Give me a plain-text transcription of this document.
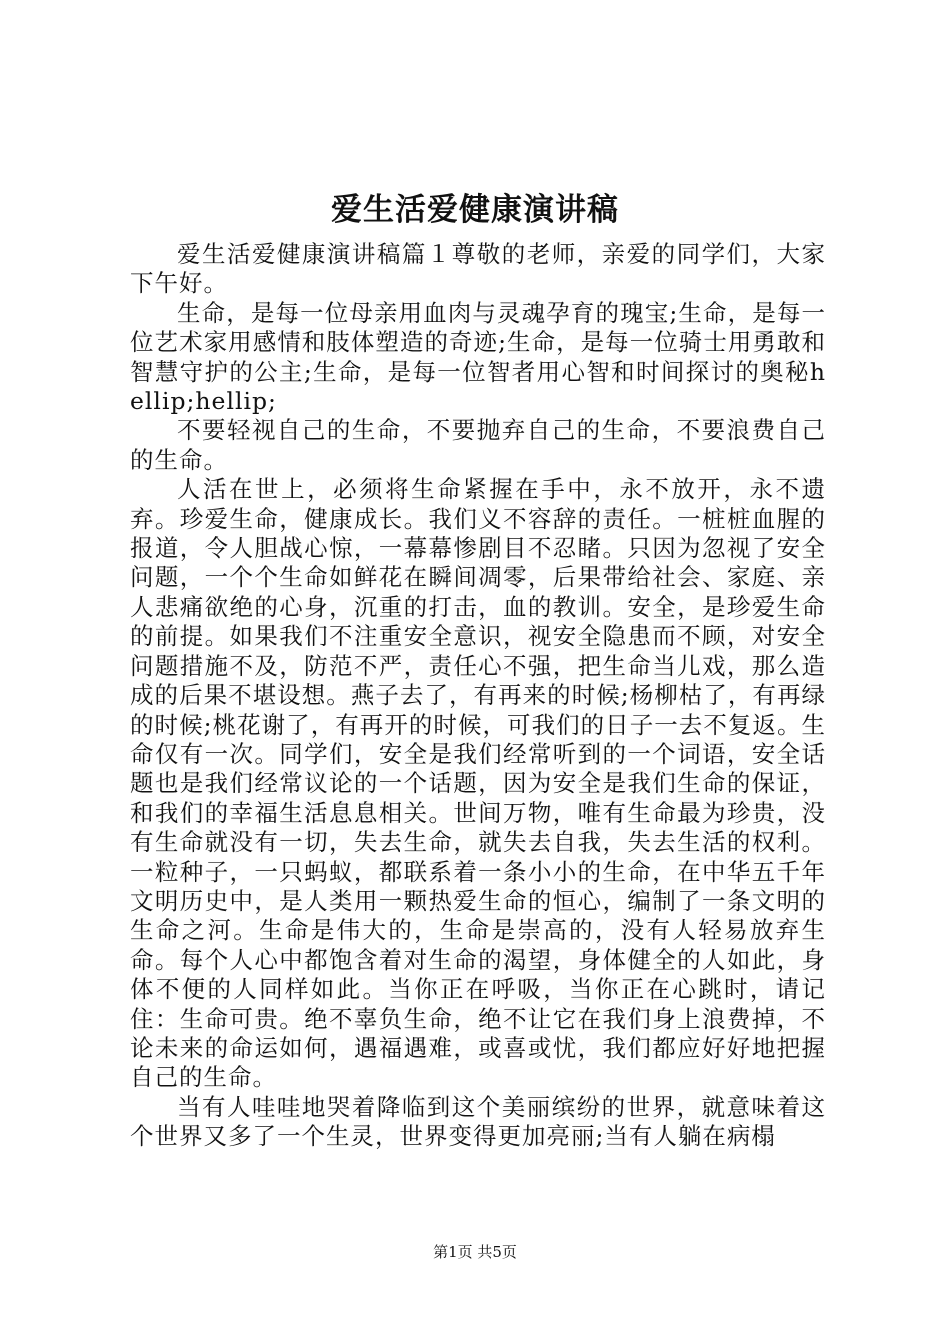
爱生活爱健康演讲稿

爱生活爱健康演讲稿篇１尊敬的老师，亲爱的同学们，大家下午好。

生命，是每一位母亲用血肉与灵魂孕育的瑰宝;生命，是每一位艺术家用感情和肢体塑造的奇迹;生命，是每一位骑士用勇敢和智慧守护的公主;生命，是每一位智者用心智和时间探讨的奥秘hellip;hellip;

不要轻视自己的生命，不要抛弃自己的生命，不要浪费自己的生命。

人活在世上，必须将生命紧握在手中，永不放开，永不遗弃。珍爱生命，健康成长。我们义不容辞的责任。一桩桩血腥的报道，令人胆战心惊，一幕幕惨剧目不忍睹。只因为忽视了安全问题，一个个生命如鲜花在瞬间凋零，后果带给社会、家庭、亲人悲痛欲绝的心身，沉重的打击，血的教训。安全，是珍爱生命的前提。如果我们不注重安全意识，视安全隐患而不顾，对安全问题措施不及，防范不严，责任心不强，把生命当儿戏，那么造成的后果不堪设想。燕子去了，有再来的时候;杨柳枯了，有再绿的时候;桃花谢了，有再开的时候，可我们的日子一去不复返。生命仅有一次。同学们，安全是我们经常听到的一个词语，安全话题也是我们经常议论的一个话题，因为安全是我们生命的保证，和我们的幸福生活息息相关。世间万物，唯有生命最为珍贵，没有生命就没有一切，失去生命，就失去自我，失去生活的权利。一粒种子，一只蚂蚁，都联系着一条小小的生命，在中华五千年文明历史中，是人类用一颗热爱生命的恒心，编制了一条文明的生命之河。生命是伟大的，生命是崇高的，没有人轻易放弃生命。每个人心中都饱含着对生命的渴望，身体健全的人如此，身体不便的人同样如此。当你正在呼吸，当你正在心跳时，请记住：生命可贵。绝不辜负生命，绝不让它在我们身上浪费掉，不论未来的命运如何，遇福遇难，或喜或忧，我们都应好好地把握自己的生命。

当有人哇哇地哭着降临到这个美丽缤纷的世界，就意味着这个世界又多了一个生灵，世界变得更加亮丽;当有人躺在病榻

第1页 共5页
